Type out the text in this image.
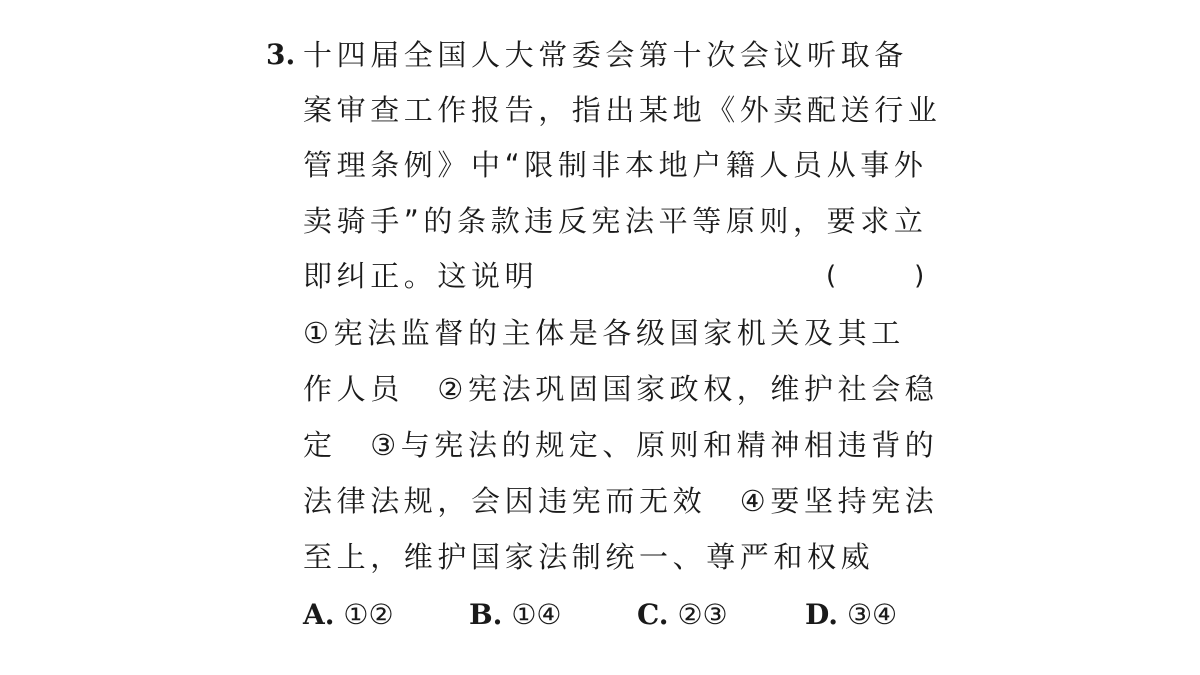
3. 十四届全国人大常委会第十次会议听取备
案审查工作报告，指出某地《外卖配送行业
管理条例》中“限制非本地户籍人员从事外
卖骑手”的条款违反宪法平等原则，要求立
即纠正。这说明	(　　　)
①宪法监督的主体是各级国家机关及其工
作人员　②宪法巩固国家政权，维护社会稳
定　③与宪法的规定、原则和精神相违背的
法律法规，会因违宪而无效　④要坚持宪法
至上，维护国家法制统一、尊严和权威
A. ①②	B. ①④	C. ②③	D. ③④
